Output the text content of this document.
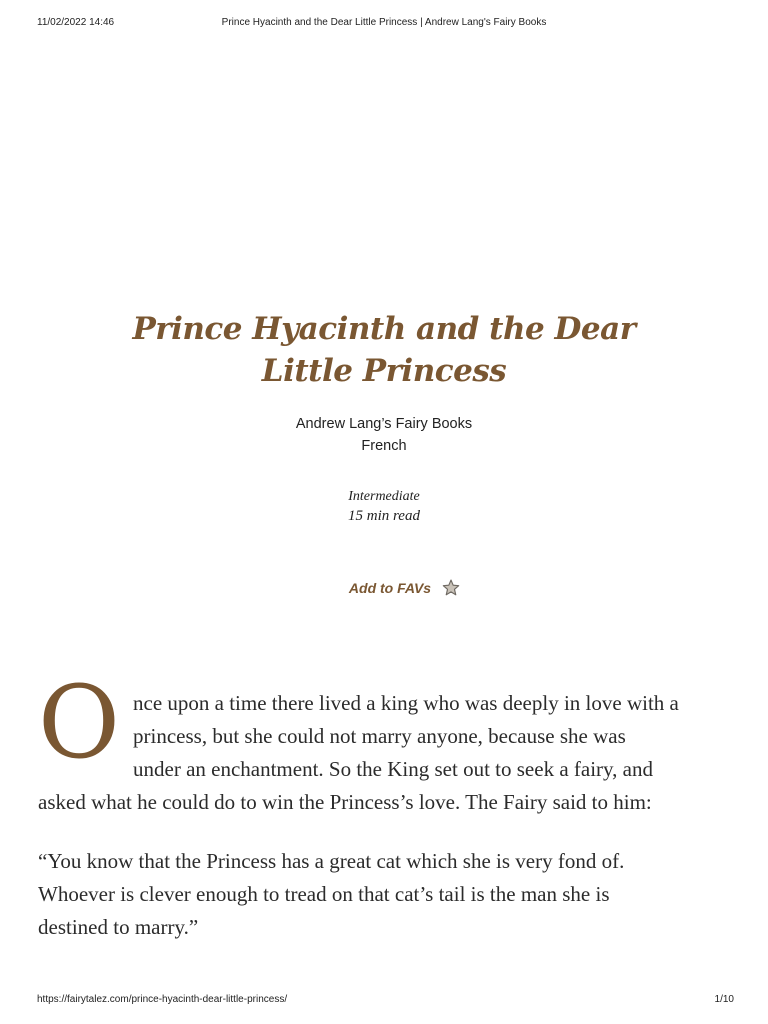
11/02/2022 14:46	Prince Hyacinth and the Dear Little Princess | Andrew Lang's Fairy Books
Prince Hyacinth and the Dear
Little Princess
Andrew Lang’s Fairy Books
French
Intermediate
15 min read
Add to FAVs
O nce upon a time there lived a king who was deeply in love with a
princess, but she could not marry anyone, because she was
under an enchantment. So the King set out to seek a fairy, and
asked what he could do to win the Princess’s love. The Fairy said to him:
“You know that the Princess has a great cat which she is very fond of.
Whoever is clever enough to tread on that cat’s tail is the man she is
destined to marry.”
https://fairytalez.com/prince-hyacinth-dear-little-princess/	1/10
